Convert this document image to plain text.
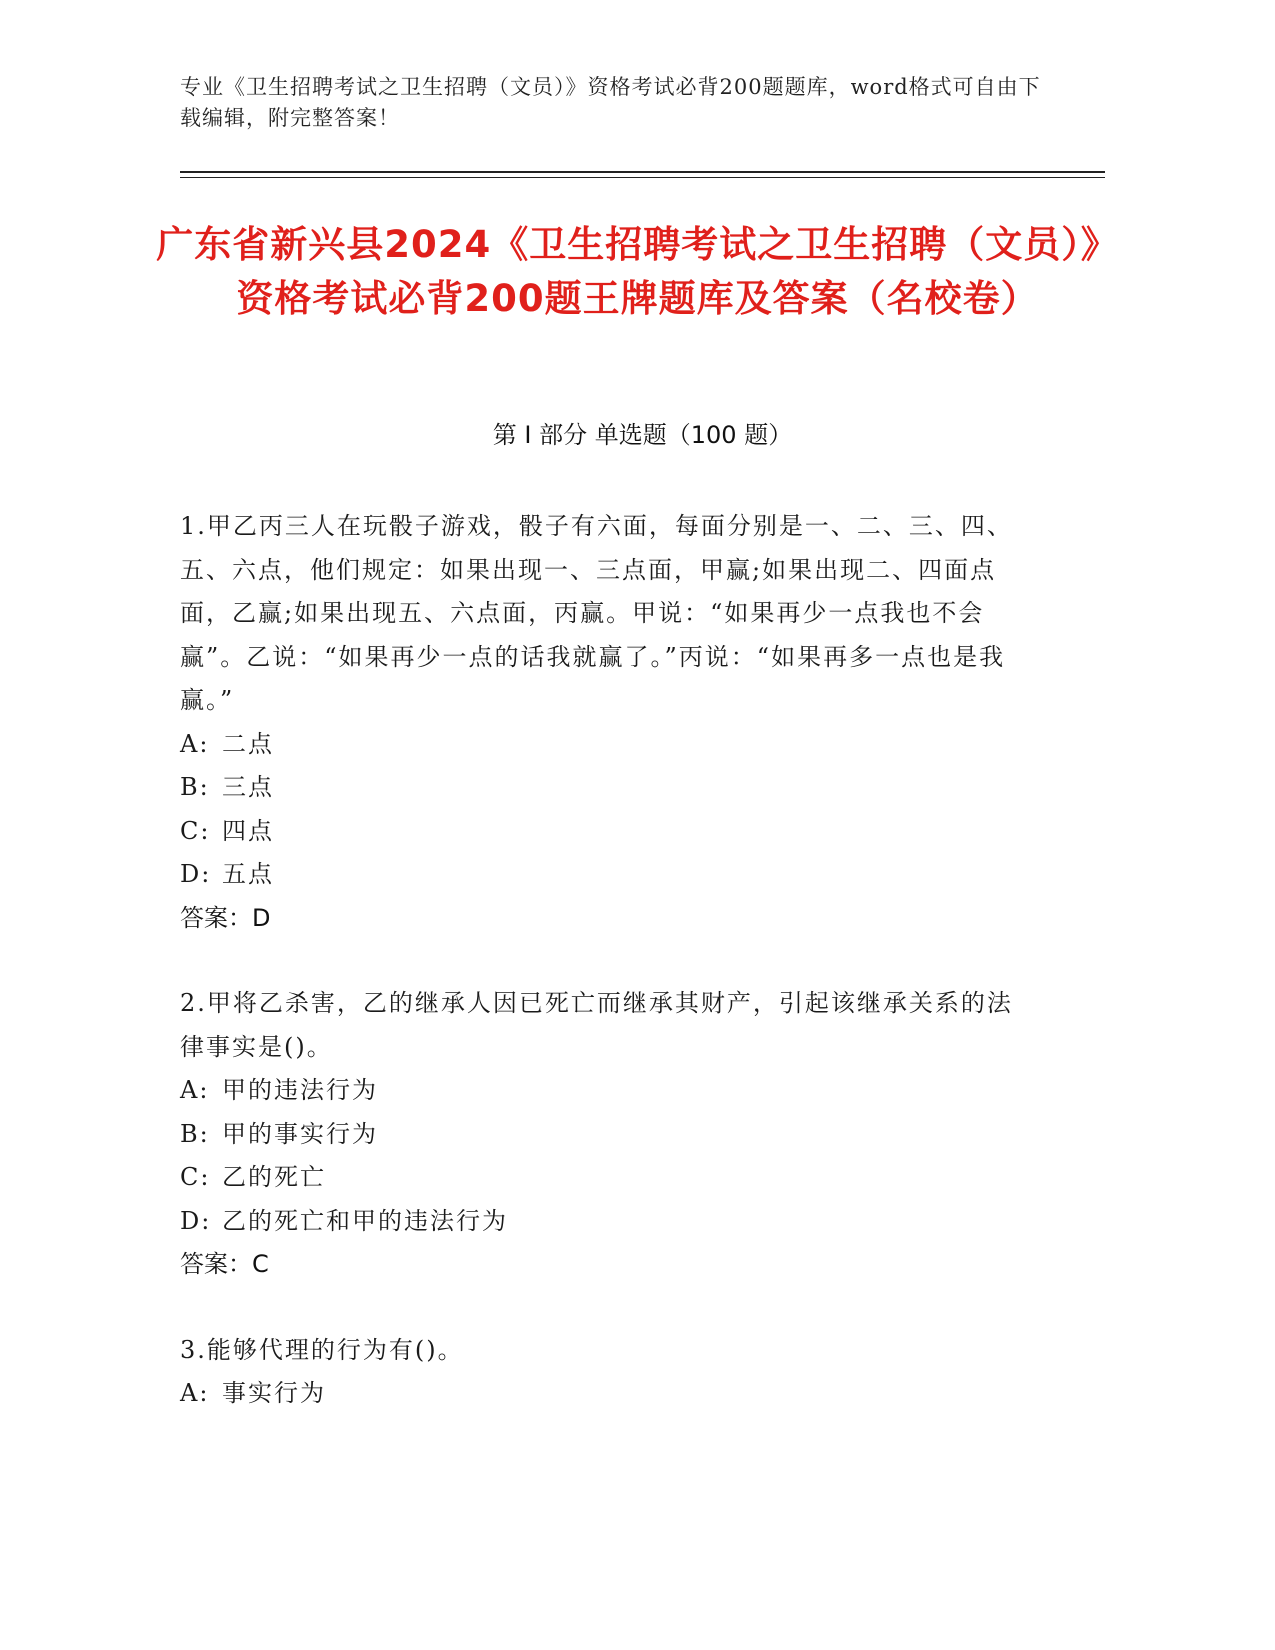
专业《卫生招聘考试之卫生招聘（文员）》资格考试必背200题题库，word格式可自由下载编辑，附完整答案！
广东省新兴县2024《卫生招聘考试之卫生招聘（文员）》资格考试必背200题王牌题库及答案（名校卷）
第 I 部分 单选题（100 题）
1.甲乙丙三人在玩骰子游戏，骰子有六面，每面分别是一、二、三、四、五、六点，他们规定：如果出现一、三点面，甲赢;如果出现二、四面点面，乙赢;如果出现五、六点面，丙赢。甲说：“如果再少一点我也不会赢”。乙说：“如果再少一点的话我就赢了。”丙说：“如果再多一点也是我赢。”
A: 二点
B: 三点
C: 四点
D: 五点
答案：D
2.甲将乙杀害，乙的继承人因已死亡而继承其财产，引起该继承关系的法律事实是()。
A: 甲的违法行为
B: 甲的事实行为
C: 乙的死亡
D: 乙的死亡和甲的违法行为
答案：C
3.能够代理的行为有()。
A: 事实行为
